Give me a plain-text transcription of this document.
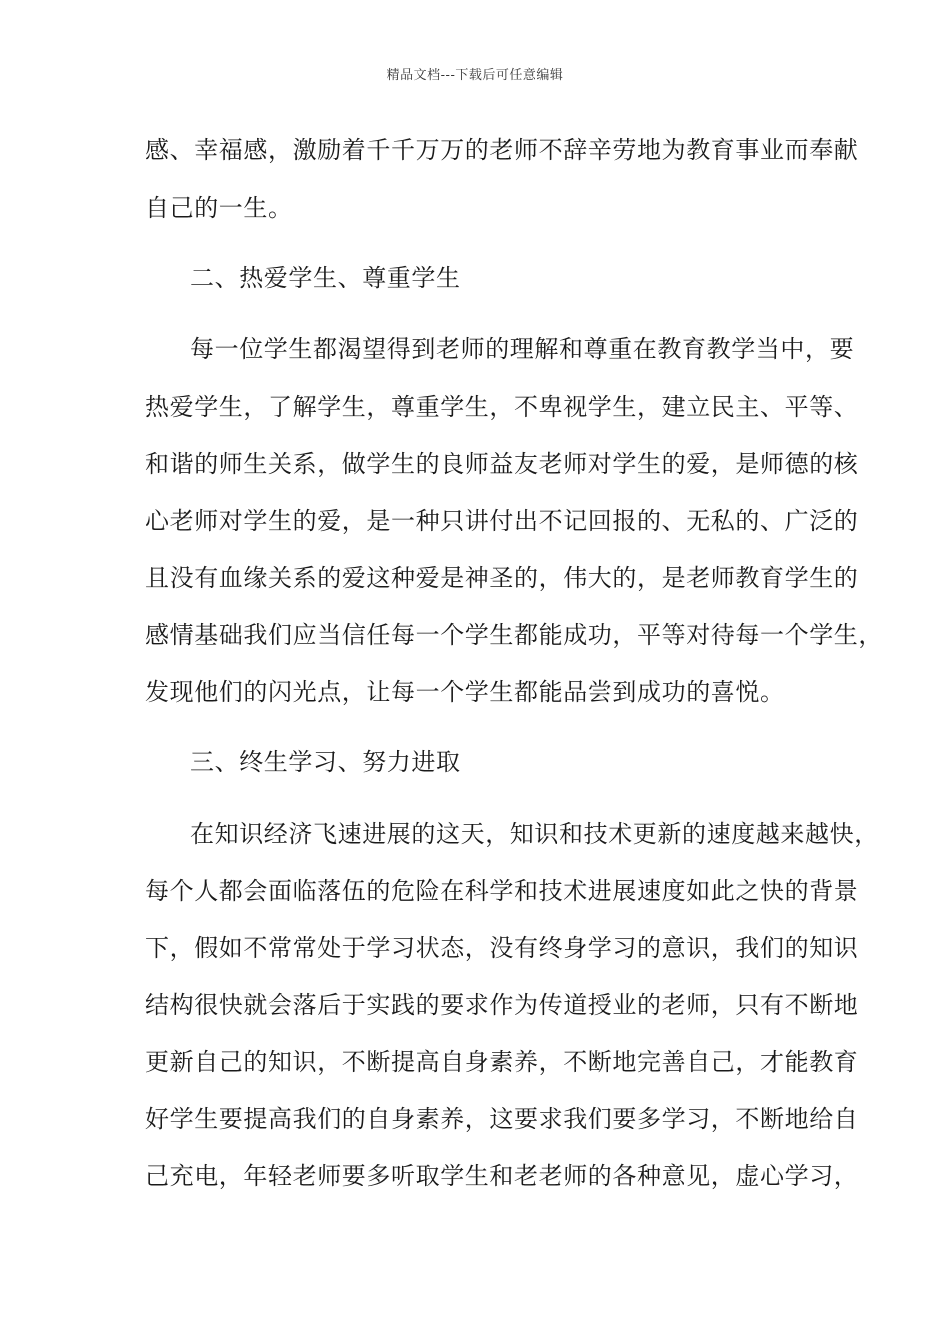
精品文档---下载后可任意编辑
感、幸福感，激励着千千万万的老师不辞辛劳地为教育事业而奉献
自己的一生。
二、热爱学生、尊重学生
每一位学生都渴望得到老师的理解和尊重在教育教学当中，要
热爱学生，了解学生，尊重学生，不卑视学生，建立民主、平等、
和谐的师生关系，做学生的良师益友老师对学生的爱，是师德的核
心老师对学生的爱，是一种只讲付出不记回报的、无私的、广泛的
且没有血缘关系的爱这种爱是神圣的，伟大的，是老师教育学生的
感情基础我们应当信任每一个学生都能成功，平等对待每一个学生，
发现他们的闪光点，让每一个学生都能品尝到成功的喜悦。
三、终生学习、努力进取
在知识经济飞速进展的这天，知识和技术更新的速度越来越快，
每个人都会面临落伍的危险在科学和技术进展速度如此之快的背景
下，假如不常常处于学习状态，没有终身学习的意识，我们的知识
结构很快就会落后于实践的要求作为传道授业的老师，只有不断地
更新自己的知识，不断提高自身素养，不断地完善自己，才能教育
好学生要提高我们的自身素养，这要求我们要多学习，不断地给自
己充电，年轻老师要多听取学生和老老师的各种意见，虚心学习，
